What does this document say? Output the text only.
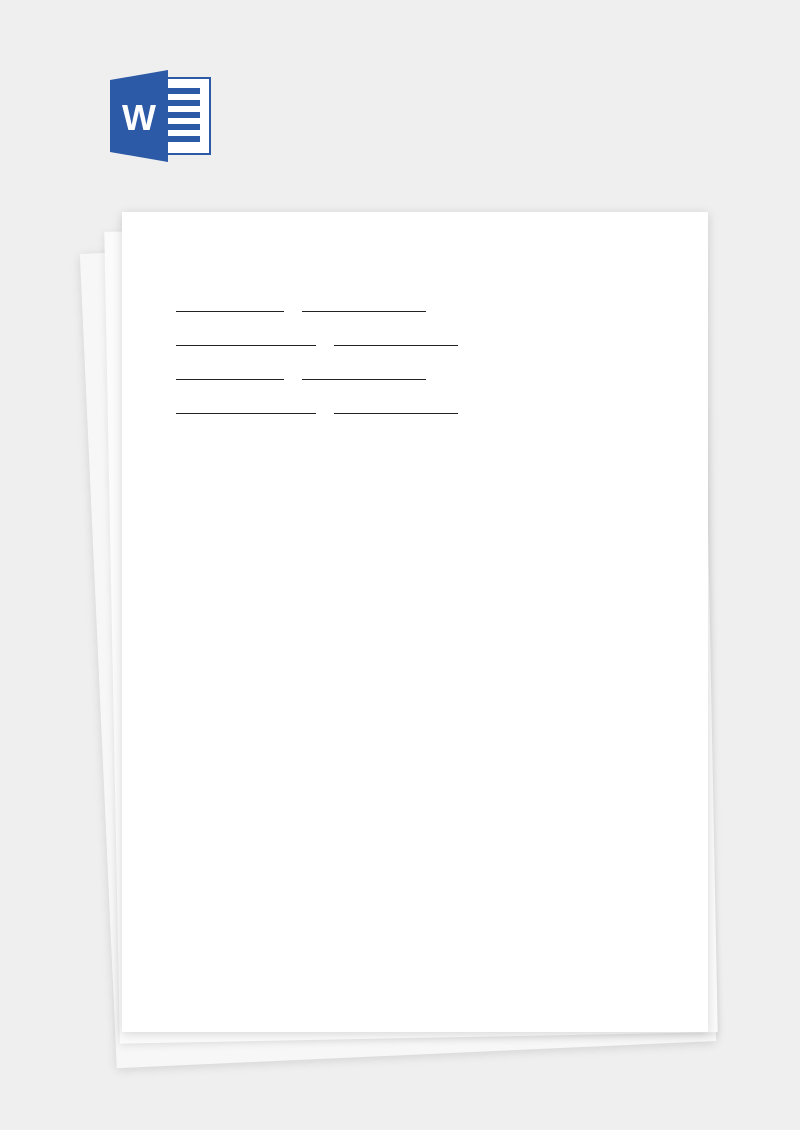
W
